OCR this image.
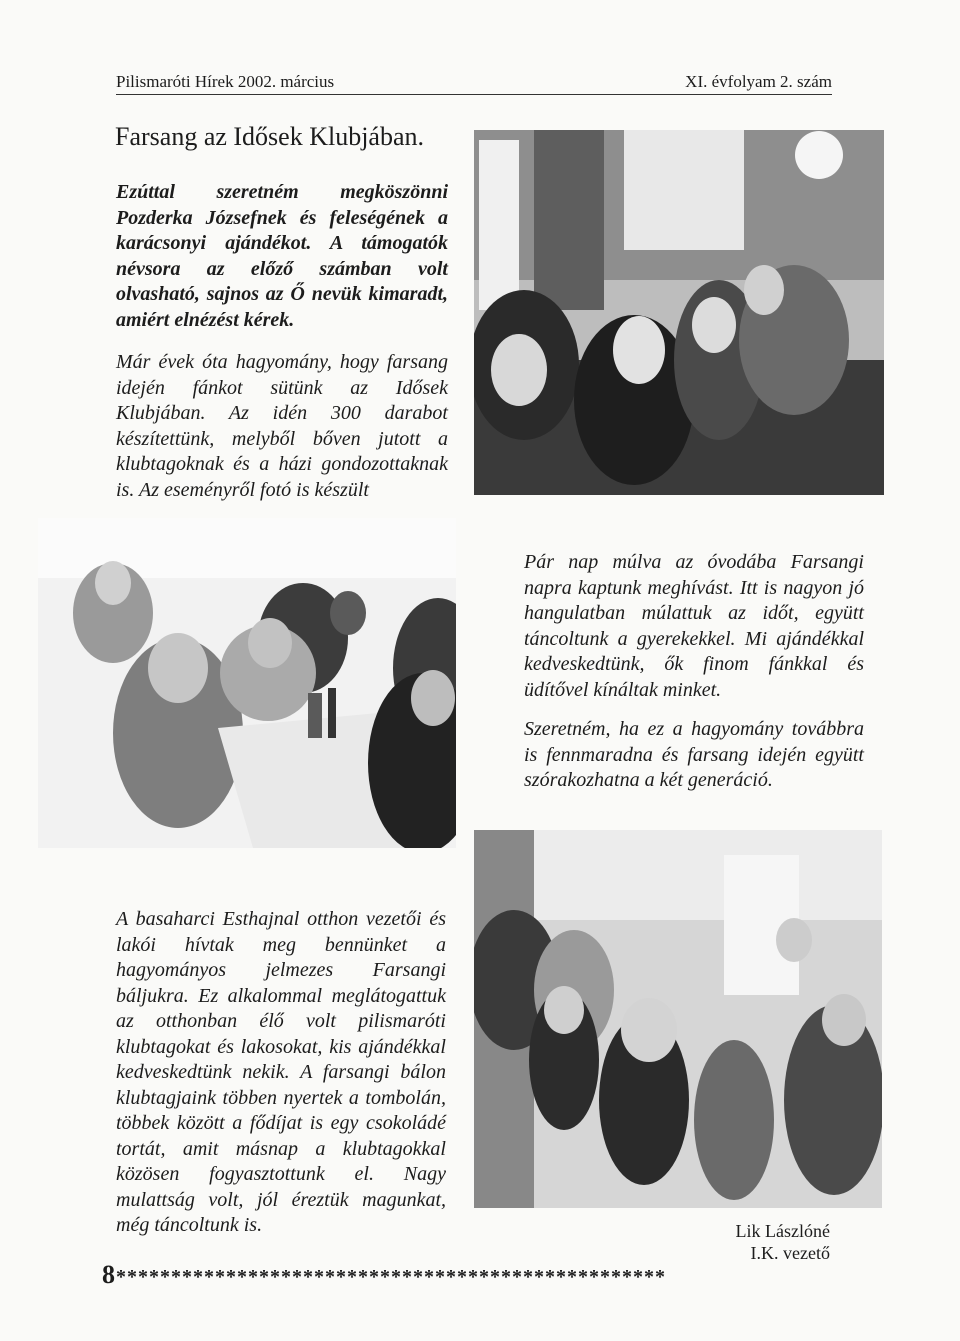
Pilismaróti Hírek 2002. március	XI. évfolyam 2. szám
Farsang az Idősek Klubjában.
Ezúttal szeretném megköszönni Pozderka Józsefnek és feleségének a karácsonyi ajándékot. A támogatók névsora az előző számban volt olvasható, sajnos az Ő nevük kimaradt, amiért elnézést kérek.
Már évek óta hagyomány, hogy farsang idején fánkot sütünk az Idősek Klubjában. Az idén 300 darabot készítettünk, melyből bőven jutott a klubtagoknak és a házi gondozottaknak is. Az eseményről fotó is készült
Pár nap múlva az óvodába Farsangi napra kaptunk meghívást. Itt is nagyon jó hangulatban múlattuk az időt, együtt táncoltunk a gyerekekkel. Mi ajándékkal kedveskedtünk, ők finom fánkkal és üdítővel kínáltak minket.
Szeretném, ha ez a hagyomány továbbra is fennmaradna és farsang idején együtt szórakozhatna a két generáció.
A basaharci Esthajnal otthon vezetői és lakói hívtak meg bennünket a hagyományos jelmezes Farsangi báljukra. Ez alkalommal meglátogattuk az otthonban élő volt pilismaróti klubtagokat és lakosokat, kis ajándékkal kedveskedtünk nekik. A farsangi bálon klubtagjaink többen nyertek a tombolán, többek között a fődíjat is egy csokoládé tortát, amit másnap a klubtagokkal közösen fogyasztottunk el. Nagy mulattság volt, jól éreztük magunkat, még táncoltunk is.	Lik Lászlóné
I.K. vezető
8**************************************************
